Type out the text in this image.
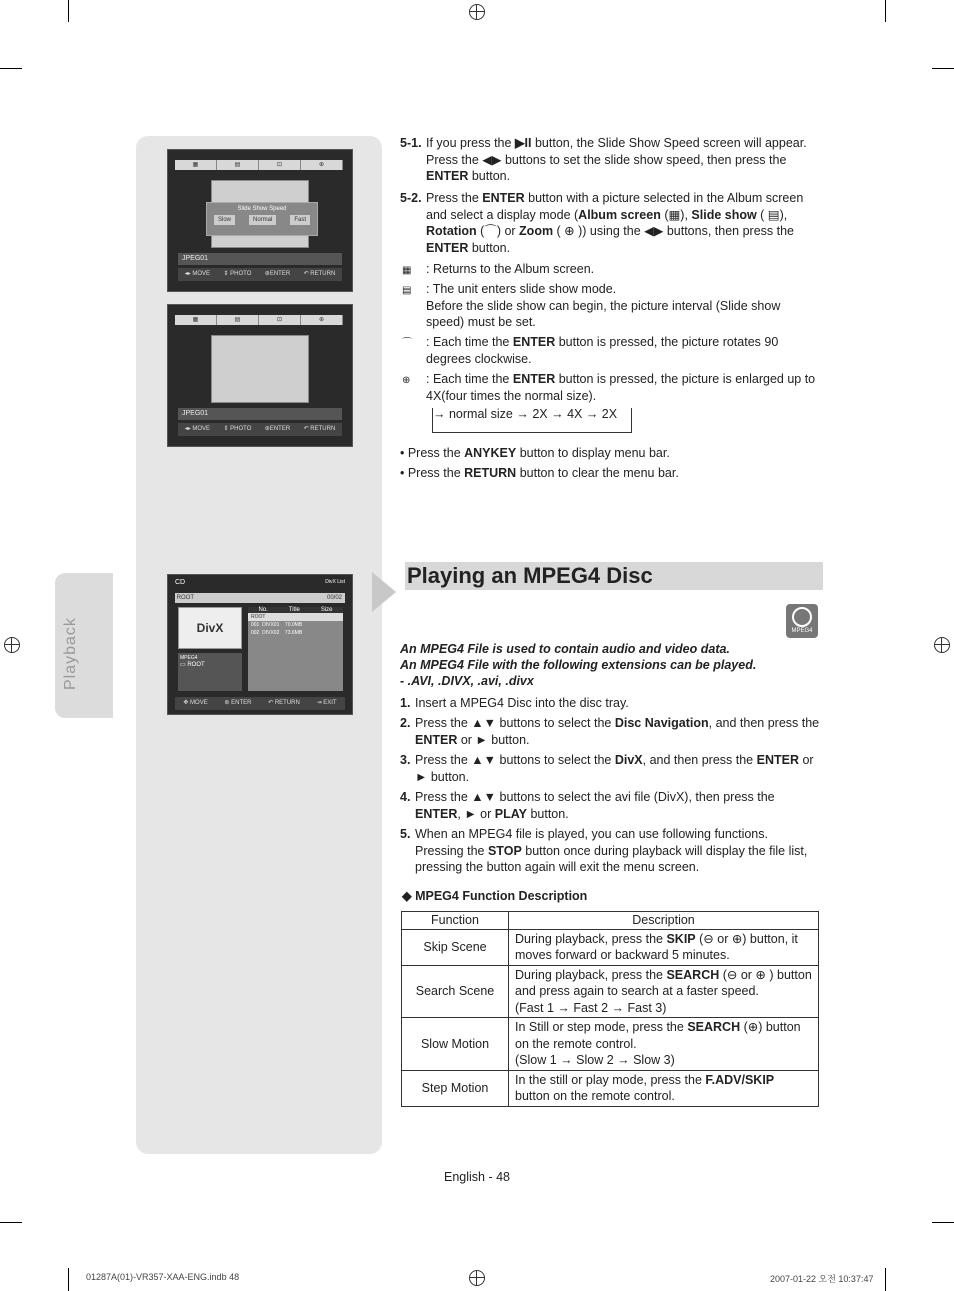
Playback
▦	▤	⊡	⊕
Slide Show Speed
Slow	Normal	Fast
JPEG01
◂▸ MOVE ⇕ PHOTO ⊛ENTER ↶ RETURN
▦	▤	⊡	⊕
JPEG01
◂▸ MOVE ⇕ PHOTO ⊛ENTER ↶ RETURN
CD	DivX List
ROOT	00/02
DivX
No.	Title	Size
ROOT
001 DIVX01 70.0MB
002 DIVX02 73.6MB
MPEG4
▭ ROOT
✥ MOVE	⊛ ENTER	↶ RETURN	⇥ EXIT
5-1. If you press the ▶II button, the Slide Show Speed screen will appear. Press the ◀▶ buttons to set the slide show speed, then press the ENTER button.
5-2. Press the ENTER button with a picture selected in the Album screen and select a display mode (Album screen (▦), Slide show ( ▤), Rotation (⌒) or Zoom ( ⊕ )) using the ◀▶ buttons, then press the ENTER button.
▦	: Returns to the Album screen.
▤	: The unit enters slide show mode.
Before the slide show can begin, the picture interval (Slide show speed) must be set.
⌒	: Each time the ENTER button is pressed, the picture rotates 90 degrees clockwise.
⊕	: Each time the ENTER button is pressed, the picture is enlarged up to 4X(four times the normal size).
→ normal size → 2X → 4X → 2X
• Press the ANYKEY button to display menu bar.
• Press the RETURN button to clear the menu bar.
Playing an MPEG4 Disc
MPEG4
An MPEG4 File is used to contain audio and video data.
An MPEG4 File with the following extensions can be played.
- .AVI, .DIVX, .avi, .divx
1. Insert a MPEG4 Disc into the disc tray.
2. Press the ▲▼ buttons to select the Disc Navigation, and then press the ENTER or ► button.
3. Press the ▲▼ buttons to select the DivX, and then press the ENTER or ► button.
4. Press the ▲▼ buttons to select the avi file (DivX), then press the ENTER, ► or PLAY button.
5. When an MPEG4 file is played, you can use following functions.
Pressing the STOP button once during playback will display the file list, pressing the button again will exit the menu screen.
◆ MPEG4 Function Description
Function	Description
Skip Scene	During playback, press the SKIP (⊖ or ⊕) button, it moves forward or backward 5 minutes.
Search Scene	During playback, press the SEARCH (⊖ or ⊕ ) button and press again to search at a faster speed.
(Fast 1 → Fast 2 → Fast 3)
Slow Motion	In Still or step mode, press the SEARCH (⊕) button on the remote control.
(Slow 1 → Slow 2 → Slow 3)
Step Motion	In the still or play mode, press the F.ADV/SKIP button on the remote control.
English - 48
01287A(01)-VR357-XAA-ENG.indb 48	2007-01-22 오전 10:37:47
